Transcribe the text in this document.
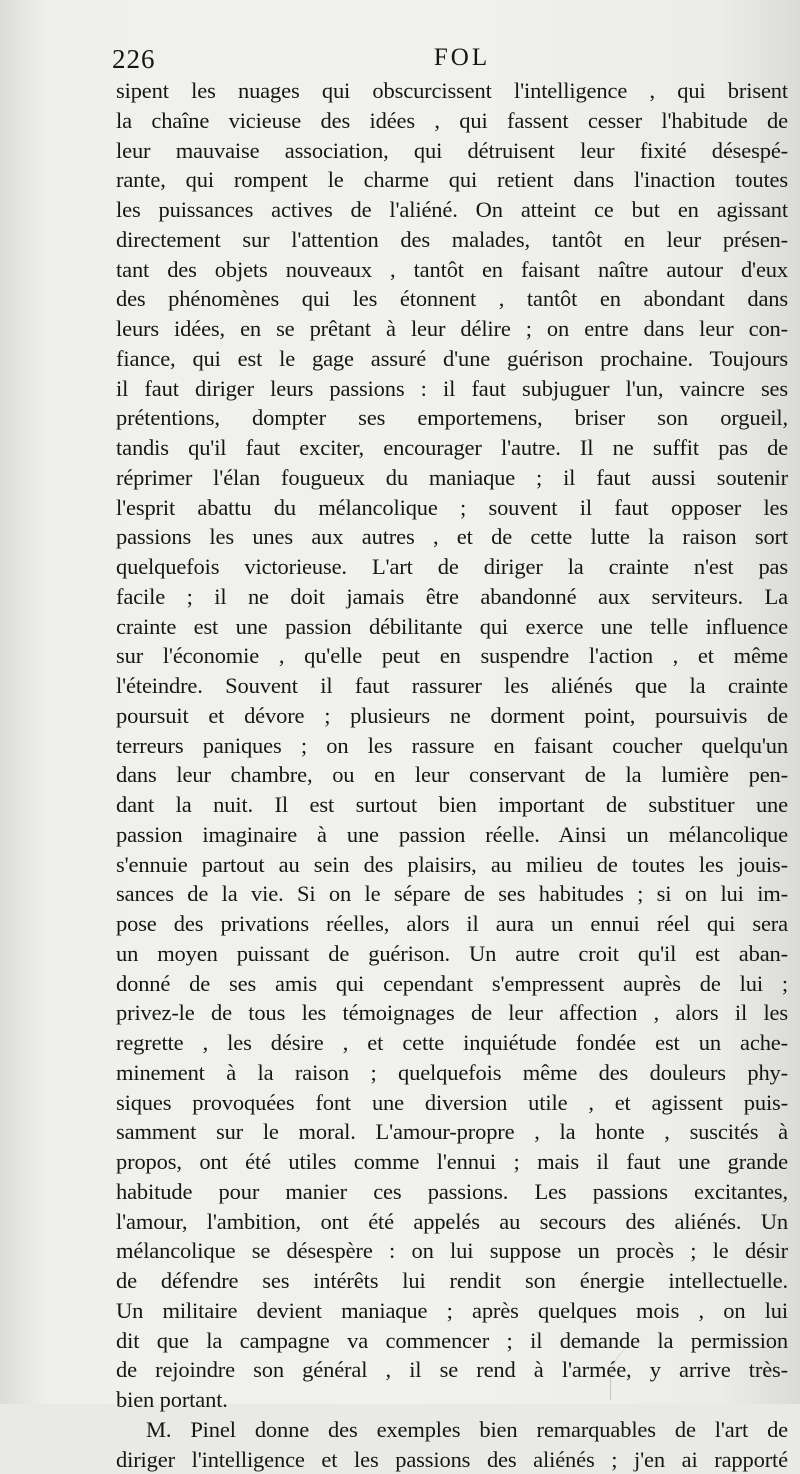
226	FOL
sipent les nuages qui obscurcissent l'intelligence , qui brisent
la chaîne vicieuse des idées , qui fassent cesser l'habitude de
leur mauvaise association, qui détruisent leur fixité désespé-
rante, qui rompent le charme qui retient dans l'inaction toutes
les puissances actives de l'aliéné. On atteint ce but en agissant
directement sur l'attention des malades, tantôt en leur présen-
tant des objets nouveaux , tantôt en faisant naître autour d'eux
des phénomènes qui les étonnent , tantôt en abondant dans
leurs idées, en se prêtant à leur délire ; on entre dans leur con-
fiance, qui est le gage assuré d'une guérison prochaine. Toujours
il faut diriger leurs passions : il faut subjuguer l'un, vaincre ses
prétentions, dompter ses emportemens, briser son orgueil,
tandis qu'il faut exciter, encourager l'autre. Il ne suffit pas de
réprimer l'élan fougueux du maniaque ; il faut aussi soutenir
l'esprit abattu du mélancolique ; souvent il faut opposer les
passions les unes aux autres , et de cette lutte la raison sort
quelquefois victorieuse. L'art de diriger la crainte n'est pas
facile ; il ne doit jamais être abandonné aux serviteurs. La
crainte est une passion débilitante qui exerce une telle influence
sur l'économie , qu'elle peut en suspendre l'action , et même
l'éteindre. Souvent il faut rassurer les aliénés que la crainte
poursuit et dévore ; plusieurs ne dorment point, poursuivis de
terreurs paniques ; on les rassure en faisant coucher quelqu'un
dans leur chambre, ou en leur conservant de la lumière pen-
dant la nuit. Il est surtout bien important de substituer une
passion imaginaire à une passion réelle. Ainsi un mélancolique
s'ennuie partout au sein des plaisirs, au milieu de toutes les jouis-
sances de la vie. Si on le sépare de ses habitudes ; si on lui im-
pose des privations réelles, alors il aura un ennui réel qui sera
un moyen puissant de guérison. Un autre croit qu'il est aban-
donné de ses amis qui cependant s'empressent auprès de lui ;
privez-le de tous les témoignages de leur affection , alors il les
regrette , les désire , et cette inquiétude fondée est un ache-
minement à la raison ; quelquefois même des douleurs phy-
siques provoquées font une diversion utile , et agissent puis-
samment sur le moral. L'amour-propre , la honte , suscités à
propos, ont été utiles comme l'ennui ; mais il faut une grande
habitude pour manier ces passions. Les passions excitantes,
l'amour, l'ambition, ont été appelés au secours des aliénés. Un
mélancolique se désespère : on lui suppose un procès ; le désir
de défendre ses intérêts lui rendit son énergie intellectuelle.
Un militaire devient maniaque ; après quelques mois , on lui
dit que la campagne va commencer ; il demande la permission
de rejoindre son général , il se rend à l'armée, y arrive très-
bien portant.
M. Pinel donne des exemples bien remarquables de l'art de
diriger l'intelligence et les passions des aliénés ; j'en ai rapporté
